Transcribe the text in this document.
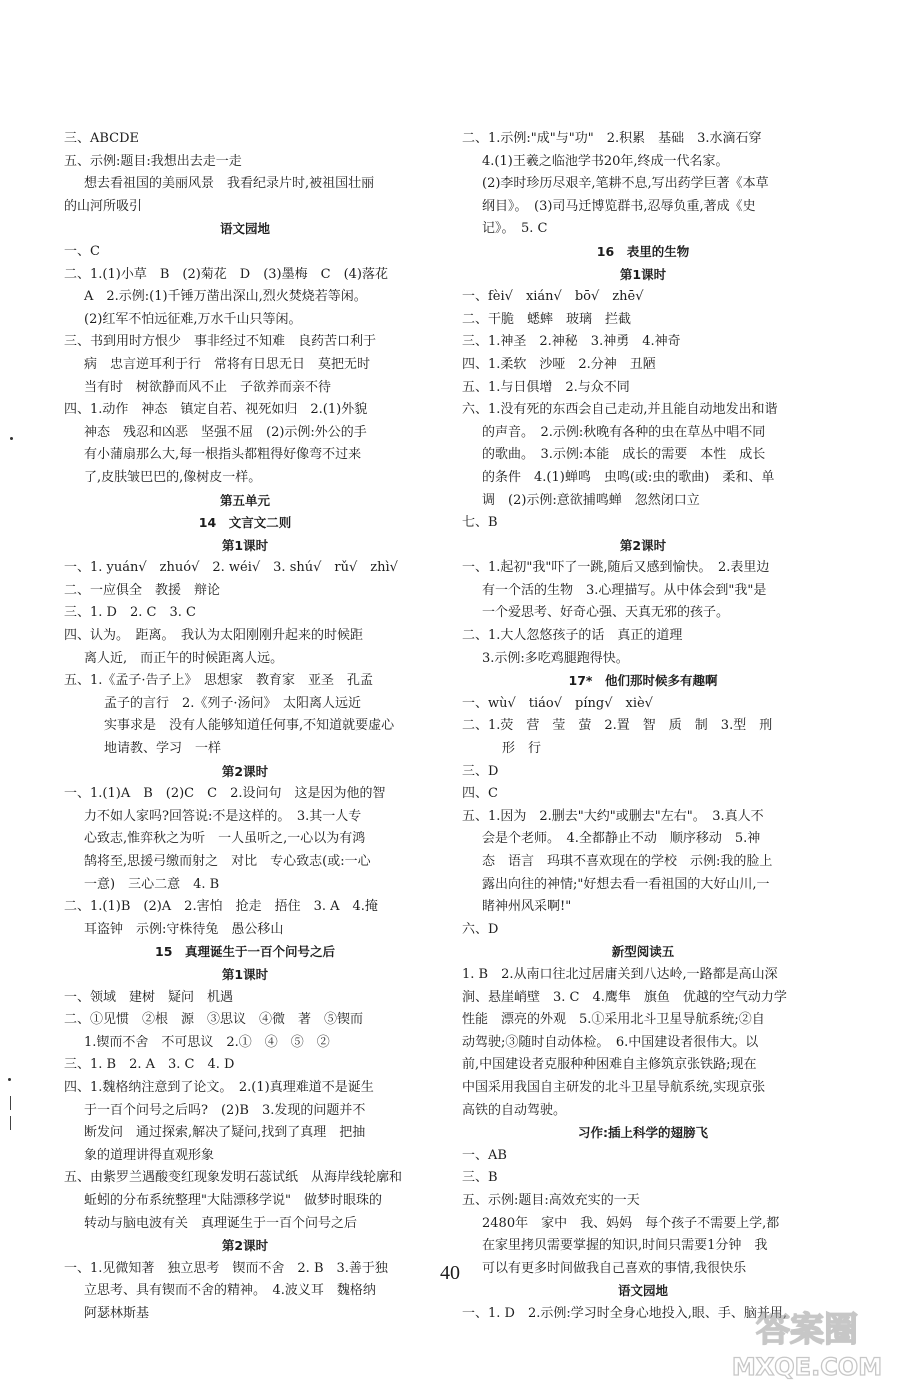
三、ABCDE
五、示例:题目:我想出去走一走
想去看祖国的美丽风景　我看纪录片时,被祖国壮丽
的山河所吸引
语文园地
一、C
二、1.(1)小草　B　(2)菊花　D　(3)墨梅　C　(4)落花
A　2.示例:(1)千锤万凿出深山,烈火焚烧若等闲。
(2)红军不怕远征难,万水千山只等闲。
三、书到用时方恨少　事非经过不知难　良药苦口利于
病　忠言逆耳利于行　常将有日思无日　莫把无时
当有时　树欲静而风不止　子欲养而亲不待
四、1.动作　神态　镇定自若、视死如归　2.(1)外貌
神态　残忍和凶恶　坚强不屈　(2)示例:外公的手
有小蒲扇那么大,每一根指头都粗得好像弯不过来
了,皮肤皱巴巴的,像树皮一样。
第五单元
14　文言文二则
第1课时
一、1. yuán√　zhuó√　2. wéi√　3. shú√　rǔ√　zhì√
二、一应俱全　教援　辩论
三、1. D　2. C　3. C
四、认为。　距离。　我认为太阳刚刚升起来的时候距
离人近,　而正午的时候距离人远。
五、1.《孟子·告子上》　思想家　教育家　亚圣　孔孟
孟子的言行　2.《列子·汤问》　太阳离人远近
实事求是　没有人能够知道任何事,不知道就要虚心
地请教、学习　一样
第2课时
一、1.(1)A　B　(2)C　C　2.设问句　这是因为他的智
力不如人家吗?回答说:不是这样的。　3.其一人专
心致志,惟弈秋之为听　一人虽听之,一心以为有鸿
鹄将至,思援弓缴而射之　对比　专心致志(或:一心
一意)　三心二意　4. B
二、1.(1)B　(2)A　2.害怕　抢走　捂住　3. A　4.掩
耳盗钟　示例:守株待兔　愚公移山
15　真理诞生于一百个问号之后
第1课时
一、领域　建树　疑问　机遇
二、①见惯　②根　源　③思议　④微　著　⑤锲而
1.锲而不舍　不可思议　2.①　④　⑤　②
三、1. B　2. A　3. C　4. D
四、1.魏格纳注意到了论文。　2.(1)真理难道不是诞生
于一百个问号之后吗?　(2)B　3.发现的问题并不
断发问　通过探索,解决了疑问,找到了真理　把抽
象的道理讲得直观形象
五、由紫罗兰遇酸变红现象发明石蕊试纸　从海岸线轮廓和
蚯蚓的分布系统整理"大陆漂移学说"　做梦时眼珠的
转动与脑电波有关　真理诞生于一百个问号之后
第2课时
一、1.见微知著　独立思考　锲而不舍　2. B　3.善于独
立思考、具有锲而不舍的精神。　4.波义耳　魏格纳
阿瑟林斯基
二、1.示例:"成"与"功"　2.积累　基础　3.水滴石穿
4.(1)王羲之临池学书20年,终成一代名家。
(2)李时珍历尽艰辛,笔耕不息,写出药学巨著《本草
纲目》。　(3)司马迁博览群书,忍辱负重,著成《史
记》。　5. C
16　表里的生物
第1课时
一、fèi√　xián√　bō√　zhē√
二、干脆　蟋蟀　玻璃　拦截
三、1.神圣　2.神秘　3.神勇　4.神奇
四、1.柔软　沙哑　2.分神　丑陋
五、1.与日俱增　2.与众不同
六、1.没有死的东西会自己走动,并且能自动地发出和谐
的声音。　2.示例:秋晚有各种的虫在草丛中唱不同
的歌曲。　3.示例:本能　成长的需要　本性　成长
的条件　4.(1)蝉鸣　虫鸣(或:虫的歌曲)　柔和、单
调　(2)示例:意欲捕鸣蝉　忽然闭口立
七、B
第2课时
一、1.起初"我"吓了一跳,随后又感到愉快。　2.表里边
有一个活的生物　3.心理描写。从中体会到"我"是
一个爱思考、好奇心强、天真无邪的孩子。
二、1.大人忽悠孩子的话　真正的道理
3.示例:多吃鸡腿跑得快。
17*　他们那时候多有趣啊
一、wù√　tiáo√　píng√　xiè√
二、1.荧　营　莹　萤　2.置　智　质　制　3.型　刑
形　行
三、D
四、C
五、1.因为　2.删去"大约"或删去"左右"。　3.真人不
会是个老师。　4.全都静止不动　顺序移动　5.神
态　语言　玛琪不喜欢现在的学校　示例:我的脸上
露出向往的神情;"好想去看一看祖国的大好山川,一
睹神州风采啊!"
六、D
新型阅读五
1. B　2.从南口往北过居庸关到八达岭,一路都是高山深
涧、悬崖峭壁　3. C　4.鹰隼　旗鱼　优越的空气动力学
性能　漂亮的外观　5.①采用北斗卫星导航系统;②自
动驾驶;③随时自动体检。　6.中国建设者很伟大。以
前,中国建设者克服种种困难自主修筑京张铁路;现在
中国采用我国自主研发的北斗卫星导航系统,实现京张
高铁的自动驾驶。
习作:插上科学的翅膀飞
一、AB
三、B
五、示例:题目:高效充实的一天
2480年　家中　我、妈妈　每个孩子不需要上学,都
在家里拷贝需要掌握的知识,时间只需要1分钟　我
可以有更多时间做我自己喜欢的事情,我很快乐
语文园地
一、1. D　2.示例:学习时全身心地投入,眼、手、脑并用,
40
答案圈
MXQE.COM
